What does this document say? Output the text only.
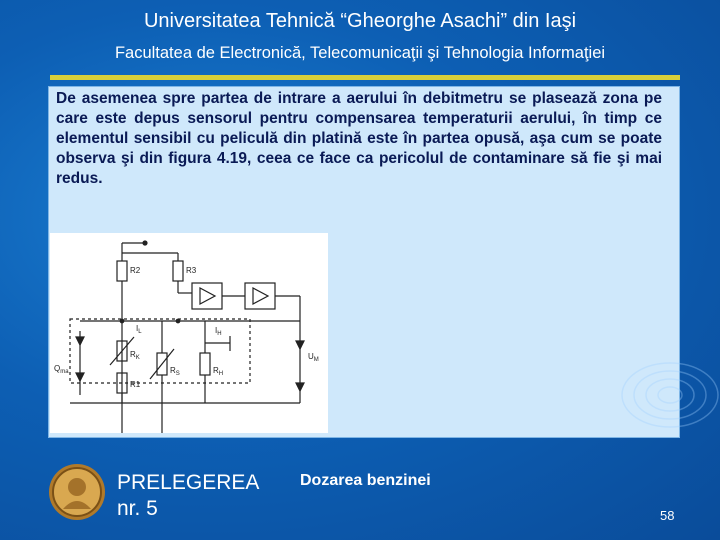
Universitatea Tehnică “Gheorghe Asachi” din Iaşi
Facultatea de Electronică, Telecomunicaţii şi Tehnologia Informaţiei
De asemenea spre partea de intrare a aerului în debitmetru se plasează zona pe care este depus sensorul pentru compensarea temperaturii aerului, în timp ce elementul sensibil cu peliculă din platină este în partea opusă, aşa cum se poate observa şi din figura 4.19, ceea ce face ca pericolul de contaminare să fie şi mai redus.
R2	R3
$I_L$	$I_H$
$R_K$
$R_S$	$R_H$
R1
$Q_{ma}$
$U_M$
PRELEGEREA
nr. 5
Dozarea benzinei
58
